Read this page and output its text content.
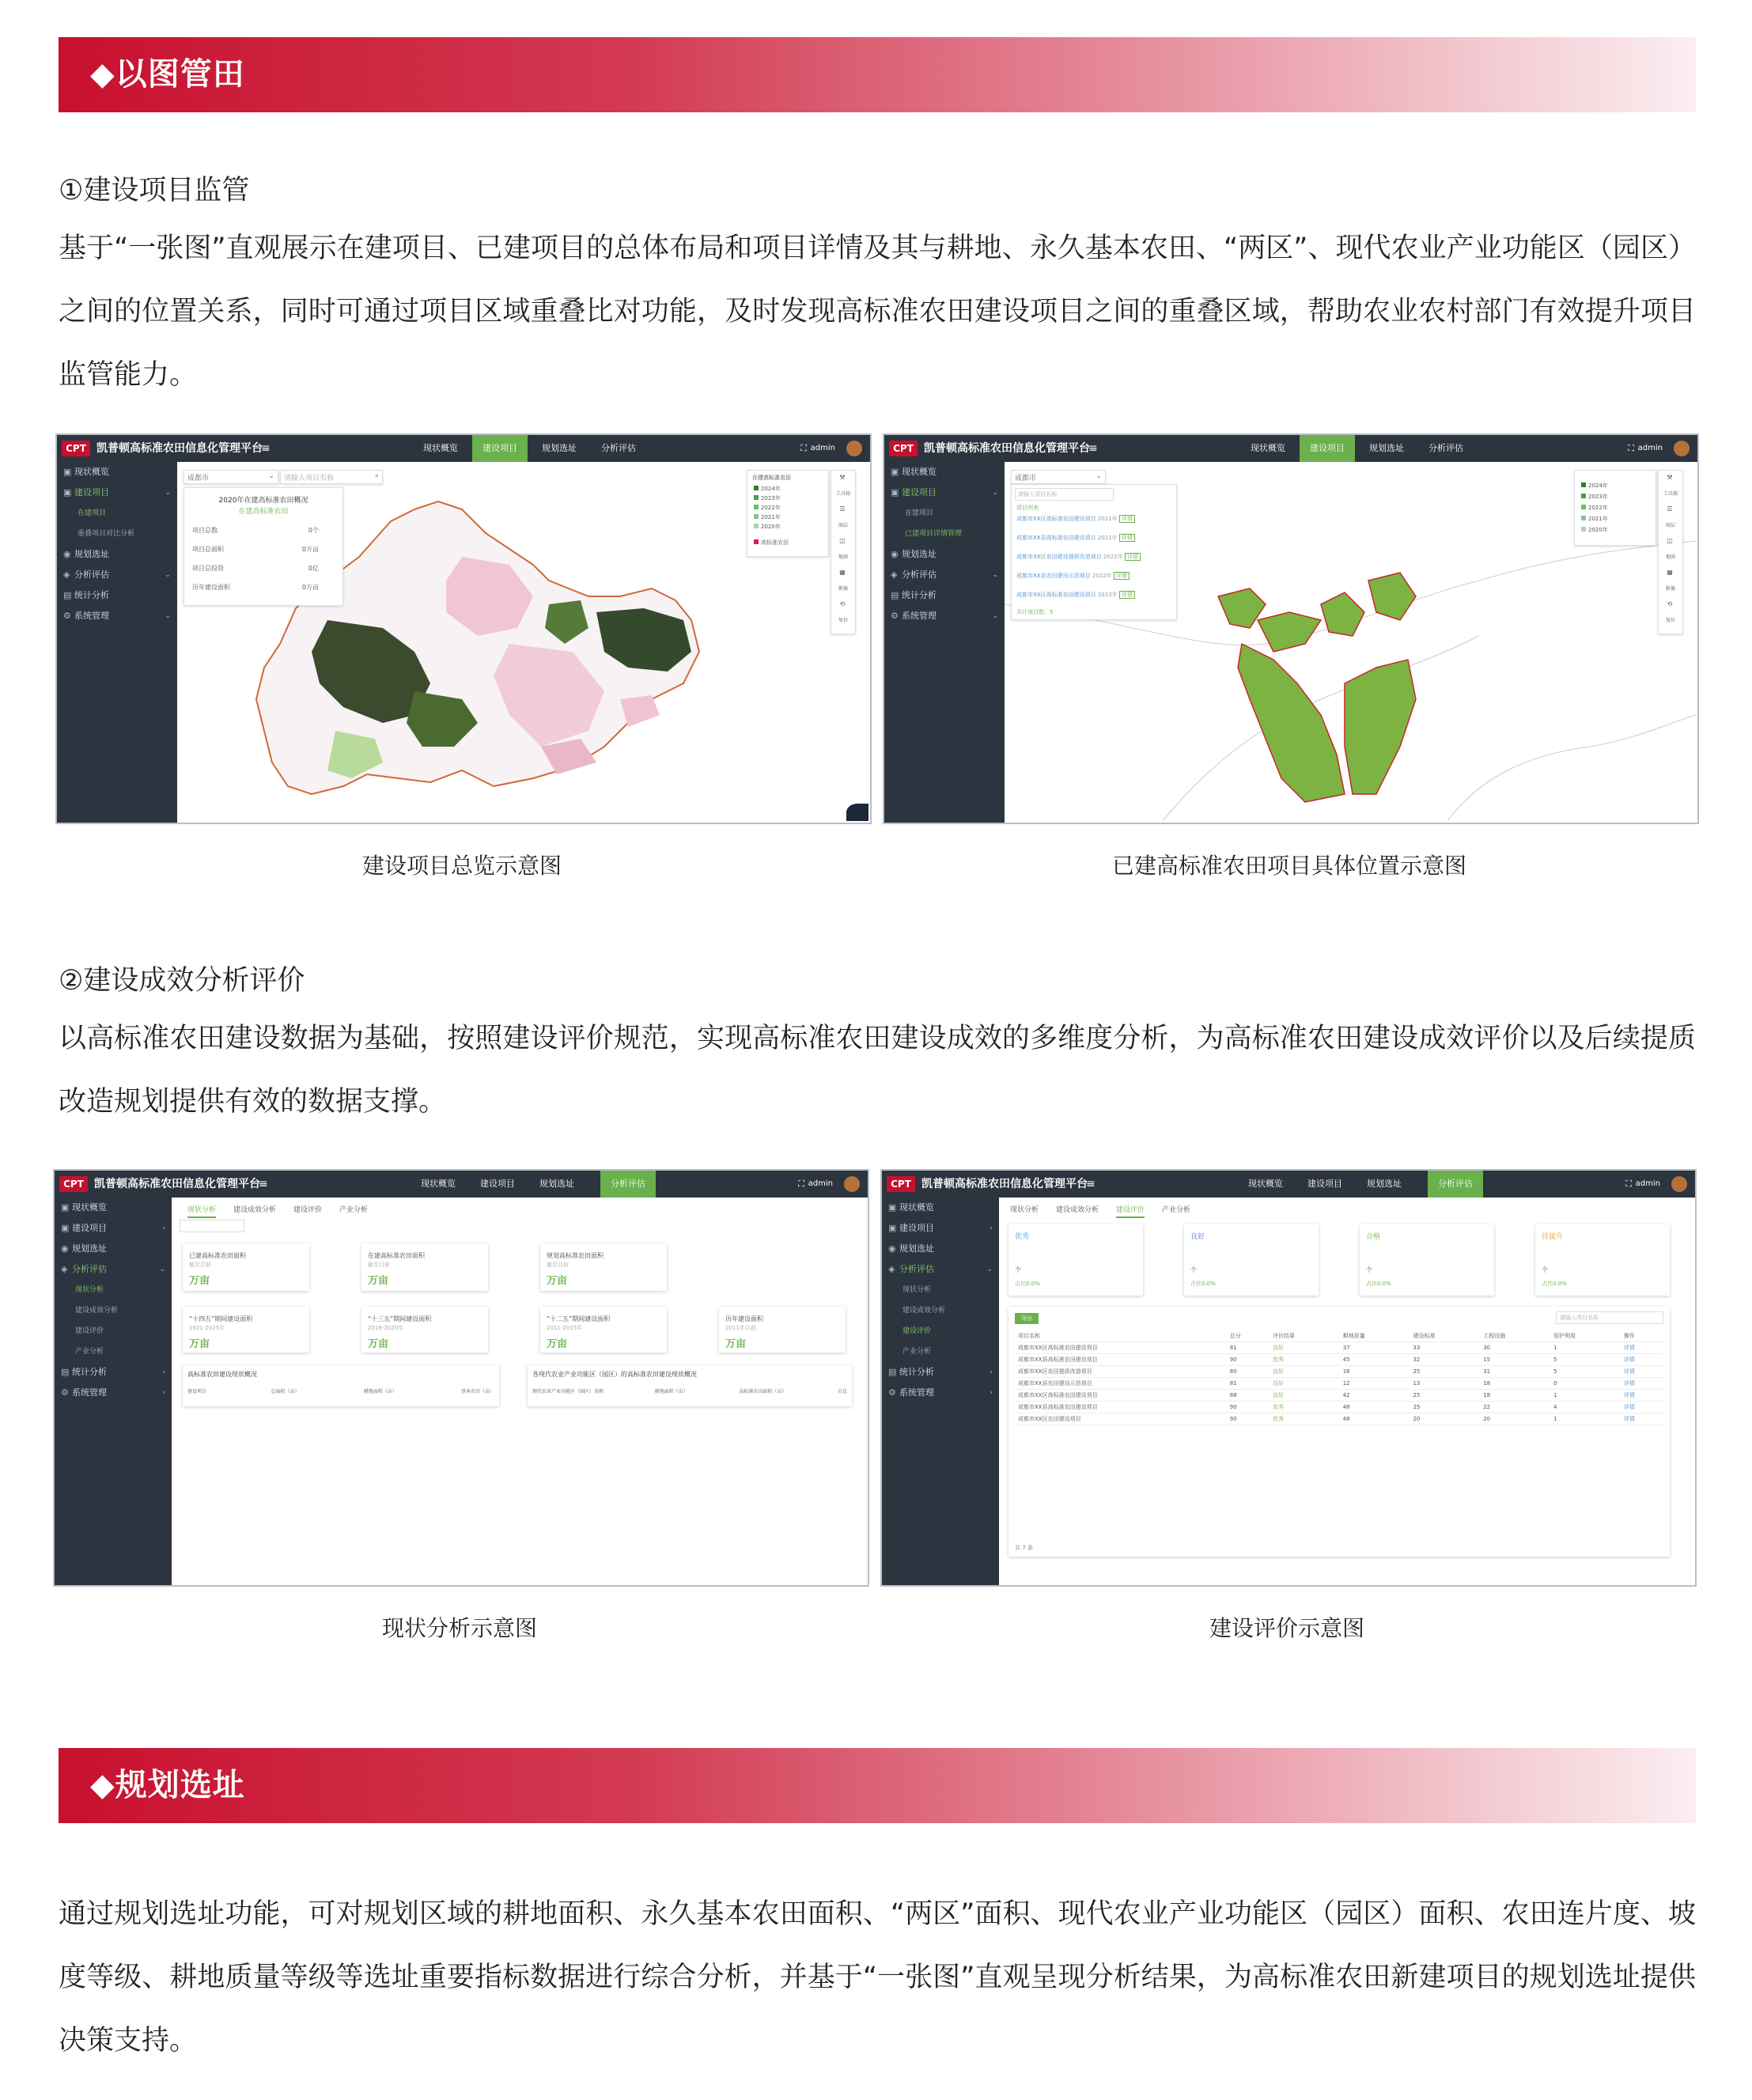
◆以图管田
①建设项目监管
基于“一张图”直观展示在建项目、已建项目的总体布局和项目详情及其与耕地、永久基本农田、“两区”、现代农业产业功能区（园区）之间的位置关系，同时可通过项目区域重叠比对功能，及时发现高标准农田建设项目之间的重叠区域，帮助农业农村部门有效提升项目监管能力。
CPT 凯普顿高标准农田信息化管理平台
≡	现状概览	建设项目	规划选址	分析评估	⛶ admin
▣ 现状概览
▣ 建设项目	⌄
在建项目
重叠项目对比分析
◉ 规划选址
◈ 分析评估	⌄
▤ 统计分析
⚙ 系统管理	⌄
成都市	⌄ 请输入项目名称	⌕
2020年在建高标准农田概况
在建高标准农田
项目总数	0个
项目总面积	0万亩
项目总投资	0亿
历年建设面积	0万亩
在建高标准农田
2024年
2023年
2022年
2021年
2020年
高标准农田
⚒
工具箱
☰
图层
◫
地图
▦
影像
⟲
复位
CPT 凯普顿高标准农田信息化管理平台
≡	现状概览	建设项目	规划选址	分析评估	⛶ admin
▣ 现状概览
▣ 建设项目	⌄
在建项目
已建项目详情管理
◉ 规划选址
◈ 分析评估	⌄
▤ 统计分析
⚙ 系统管理	⌄
成都市	⌄
请输入项目名称
项目列表
成都市XX区高标准农田建设项目 2021年 详情
成都市XX县高标准农田建设项目 2021年 详情
成都市XX区农田建设提质改造项目 2022年 详情
成都市XX县农田建设示范项目 2022年 详情
成都市XX区高标准农田建设项目 2023年 详情
共计项目数：5
2024年
2023年
2022年
2021年
2020年
⚒
工具箱
☰
图层
◫
地图
▦
影像
⟲
复位
建设项目总览示意图	已建高标准农田项目具体位置示意图
②建设成效分析评价
以高标准农田建设数据为基础，按照建设评价规范，实现高标准农田建设成效的多维度分析，为高标准农田建设成效评价以及后续提质改造规划提供有效的数据支撑。
CPT 凯普顿高标准农田信息化管理平台
≡	现状概览	建设项目	规划选址	分析评估	⛶ admin
▣ 现状概览
▣ 建设项目	›
◉ 规划选址
◈ 分析评估	⌄
现状分析
建设成效分析
建设评价
产业分析
▤ 统计分析	›
⚙ 系统管理	›
现状分析 建设成效分析 建设评价 产业分析
已建高标准农田面积
截至目前
万亩
在建高标准农田面积
截至目前
万亩
规划高标准农田面积
截至目前
万亩
“十四五”期间建设面积
2021-2025年
万亩
“十三五”期间建设面积
2016-2020年
万亩
“十二五”期间建设面积
2011-2015年
万亩
历年建设面积
2011年以前
万亩
高标准农田建设现状概况
建设项目	总面积（亩）	耕地面积（亩）	基本农田（亩）
各现代农业产业功能区（园区）的高标准农田建设现状概况
现代农业产业功能区（园区）名称	耕地面积（亩）	高标准农田面积（亩）	占比
CPT 凯普顿高标准农田信息化管理平台
≡	现状概览	建设项目	规划选址	分析评估	⛶ admin
▣ 现状概览
▣ 建设项目	›
◉ 规划选址
◈ 分析评估	⌄
现状分析
建设成效分析
建设评价
产业分析
▤ 统计分析	›
⚙ 系统管理	›
现状分析 建设成效分析 建设评价 产业分析
优秀
个
占比0.0%
良好
个
占比0.0%
合格
个
占比0.0%
待提升
个
占比0.0%
导出	请输入项目名称
项目名称	总分	评价结果	耕地质量	建设标准	工程设施	管护利用	操作
成都市XX区高标准农田建设项目	81	良好	37	33	30	1	详情
成都市XX县高标准农田建设项目	90	优秀	45	32	15	5	详情
成都市XX区农田提质改造项目	80	良好	16	25	31	5	详情
成都市XX县农田建设示范项目	81	良好	12	13	18	0	详情
成都市XX区高标准农田建设项目	88	良好	42	25	18	1	详情
成都市XX县高标准农田建设项目	90	优秀	48	25	22	4	详情
成都市XX区农田建设项目	90	优秀	48	20	20	1	详情
共 7 条
现状分析示意图	建设评价示意图
◆规划选址
通过规划选址功能，可对规划区域的耕地面积、永久基本农田面积、“两区”面积、现代农业产业功能区（园区）面积、农田连片度、坡度等级、耕地质量等级等选址重要指标数据进行综合分析，并基于“一张图”直观呈现分析结果，为高标准农田新建项目的规划选址提供决策支持。
